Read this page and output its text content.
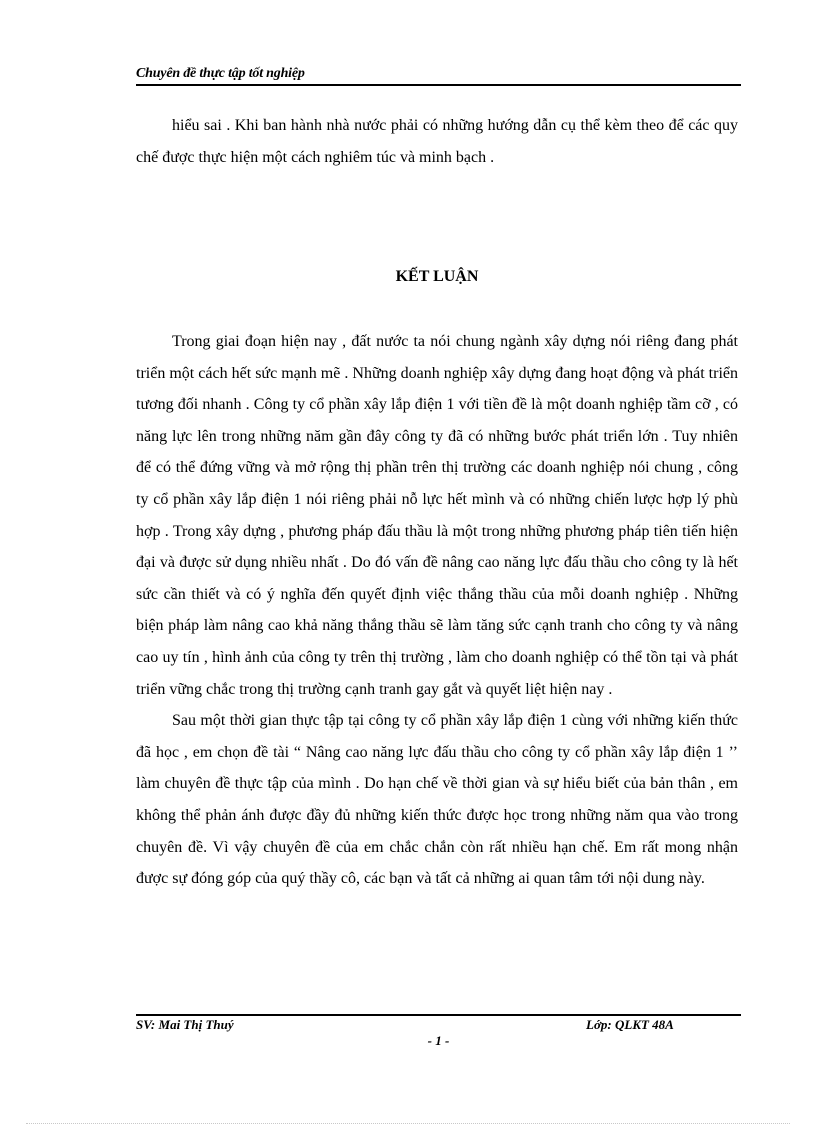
Chuyên đề thực tập tốt nghiệp

hiểu sai . Khi ban hành nhà nước phải có những hướng dẫn cụ thể kèm theo để các quy chế được thực hiện một cách nghiêm túc và minh bạch .

KẾT LUẬN

Trong giai đoạn hiện nay , đất nước ta nói chung ngành xây dựng nói riêng đang phát triển một cách hết sức mạnh mẽ . Những doanh nghiệp xây dựng đang hoạt động và phát triển tương đối nhanh . Công ty cổ phần xây lắp điện 1 với tiền đề là một doanh nghiệp tầm cỡ , có năng lực lên trong những năm gần đây công ty đã có những bước phát triển lớn . Tuy nhiên để có thể đứng vững và mở rộng thị phần trên thị trường các doanh nghiệp nói chung , công ty cổ phần xây lắp điện 1 nói riêng phải nỗ lực hết mình và có những chiến lược hợp lý phù hợp . Trong xây dựng , phương pháp đấu thầu là một trong những phương pháp tiên tiến hiện đại và được sử dụng nhiều nhất . Do đó vấn đề nâng cao năng lực đấu thầu cho công ty là hết sức cần thiết và có ý nghĩa đến quyết định việc thắng thầu của mỗi doanh nghiệp . Những biện pháp làm nâng cao khả năng thắng thầu sẽ làm tăng sức cạnh tranh cho công ty và nâng cao uy tín , hình ảnh của công ty trên thị trường , làm cho doanh nghiệp có thể tồn tại và phát triển vững chắc trong thị trường cạnh tranh gay gắt và quyết liệt hiện nay .

Sau một thời gian thực tập tại công ty cổ phần xây lắp điện 1 cùng với những kiến thức đã học , em chọn đề tài “ Nâng cao năng lực đấu thầu cho công ty cổ phần xây lắp điện 1 ’’ làm chuyên đề thực tập của mình . Do hạn chế về thời gian và sự hiểu biết của bản thân , em không thể phản ánh được đầy đủ những kiến thức được học trong những năm qua vào trong chuyên đề. Vì vậy chuyên đề của em chắc chắn còn rất nhiều hạn chế. Em rất mong nhận được sự đóng góp của quý thầy cô, các bạn và tất cả những ai quan tâm tới nội dung này.

SV: Mai Thị Thuý	Lớp: QLKT 48A
- 1 -
